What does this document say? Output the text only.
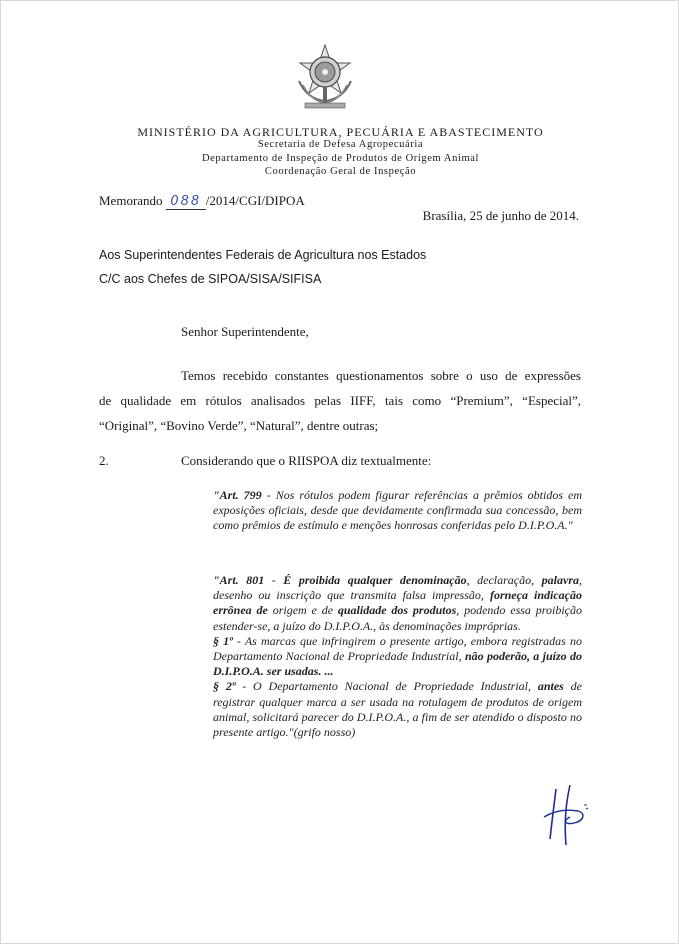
MINISTÉRIO DA AGRICULTURA, PECUÁRIA E ABASTECIMENTO
Secretaria de Defesa Agropecuária
Departamento de Inspeção de Produtos de Origem Animal
Coordenação Geral de Inspeção
Memorando 088 /2014/CGI/DIPOA
Brasília, 25 de junho de 2014.
Aos Superintendentes Federais de Agricultura nos Estados
C/C aos Chefes de SIPOA/SISA/SIFISA
Senhor Superintendente,
Temos recebido constantes questionamentos sobre o uso de expressões
de qualidade em rótulos analisados pelas IIFF, tais como “Premium”, “Especial”, “Original”, “Bovino Verde”, “Natural”, dentre outras;
2.	Considerando que o RIISPOA diz textualmente:
"Art. 799 - Nos rótulos podem figurar referências a prêmios obtidos em exposições oficiais, desde que devidamente confirmada sua concessão, bem como prêmios de estímulo e menções honrosas conferidas pelo D.I.P.O.A."

"Art. 801 - É proibida qualquer denominação, declaração, palavra, desenho ou inscrição que transmita falsa impressão, forneça indicação errônea de origem e de qualidade dos produtos, podendo essa proibição estender-se, a juízo do D.I.P.O.A., às denominações impróprias.

§ 1º - As marcas que infringirem o presente artigo, embora registradas no Departamento Nacional de Propriedade Industrial, não poderão, a juízo do D.I.P.O.A. ser usadas. ...

§ 2º - O Departamento Nacional de Propriedade Industrial, antes de registrar qualquer marca a ser usada na rotulagem de produtos de origem animal, solicitará parecer do D.I.P.O.A., a fim de ser atendido o disposto no presente artigo."(grifo nosso)
